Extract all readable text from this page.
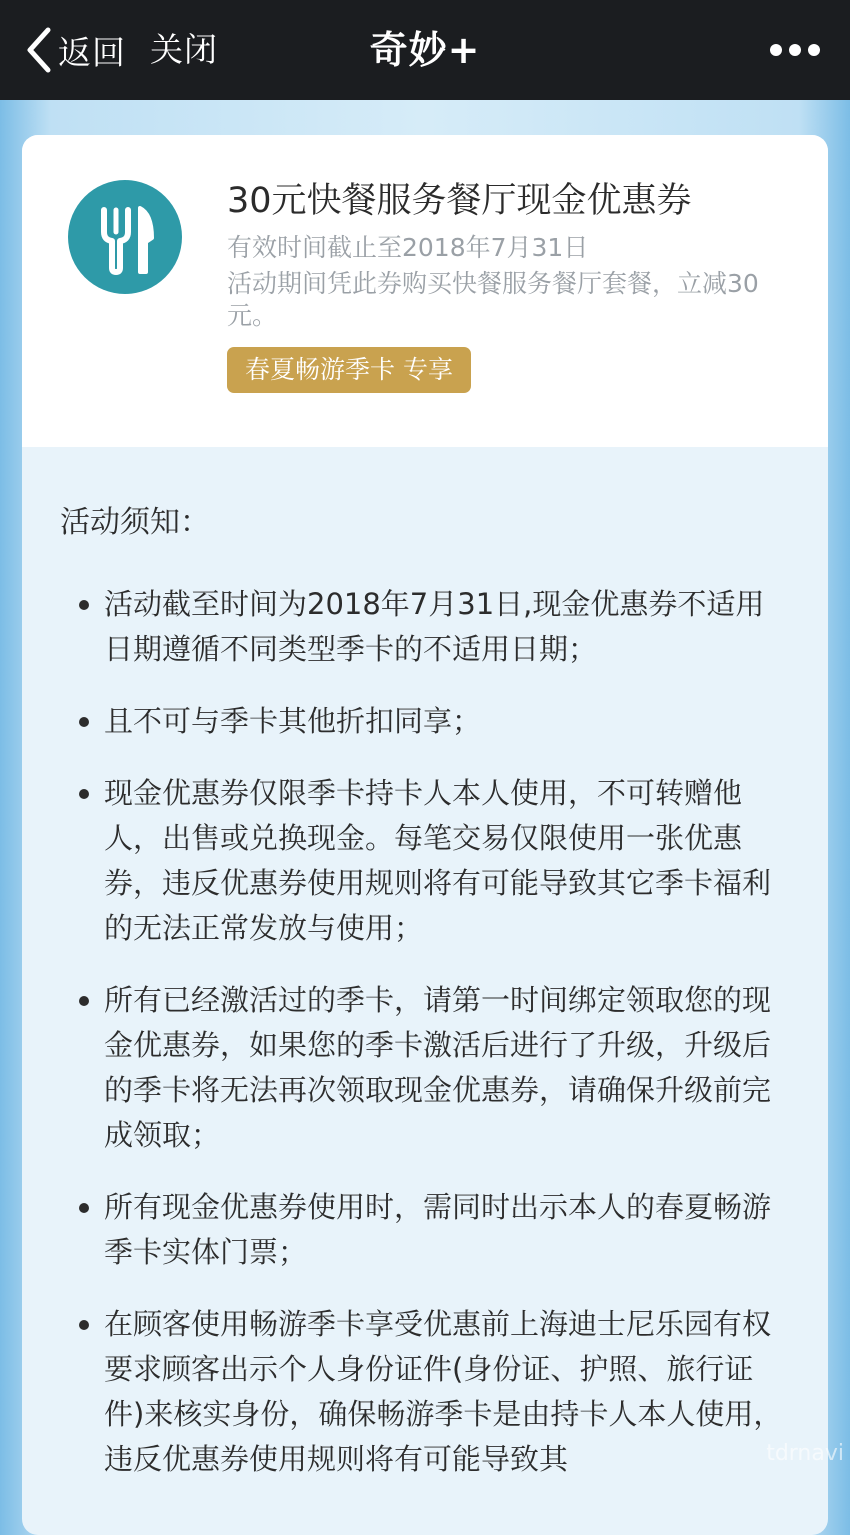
返回 关闭	奇妙+
30元快餐服务餐厅现金优惠券
有效时间截止至2018年7月31日
活动期间凭此券购买快餐服务餐厅套餐，立减30元。
春夏畅游季卡 专享
活动须知：
活动截至时间为2018年7月31日,现金优惠券不适用日期遵循不同类型季卡的不适用日期；
且不可与季卡其他折扣同享；
现金优惠券仅限季卡持卡人本人使用，不可转赠他人，出售或兑换现金。每笔交易仅限使用一张优惠券，违反优惠券使用规则将有可能导致其它季卡福利的无法正常发放与使用；
所有已经激活过的季卡，请第一时间绑定领取您的现金优惠券，如果您的季卡激活后进行了升级，升级后的季卡将无法再次领取现金优惠券，请确保升级前完成领取；
所有现金优惠券使用时，需同时出示本人的春夏畅游季卡实体门票；
在顾客使用畅游季卡享受优惠前上海迪士尼乐园有权要求顾客出示个人身份证件(身份证、护照、旅行证件)来核实身份，确保畅游季卡是由持卡人本人使用，违反优惠券使用规则将有可能导致其	tdrnavi
